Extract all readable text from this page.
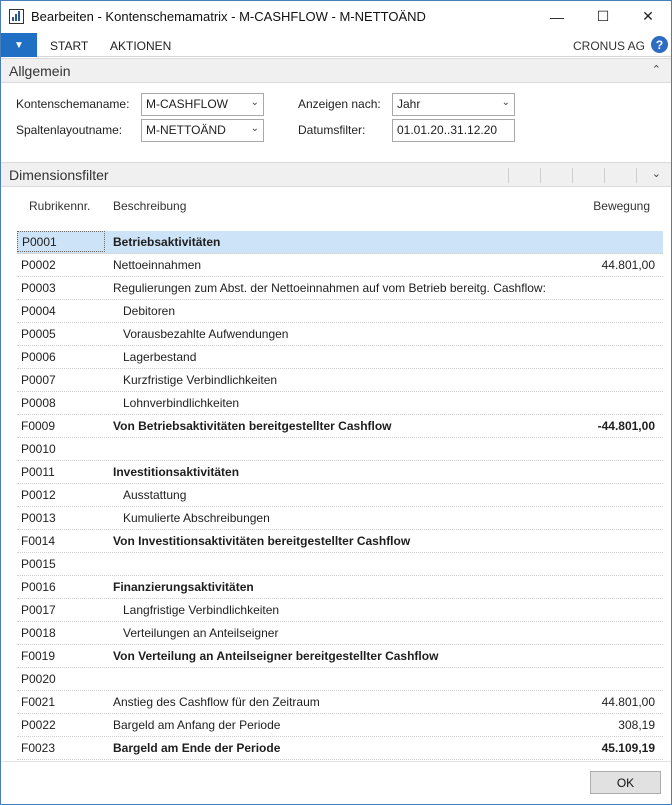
Bearbeiten - Kontenschemamatrix - M-CASHFLOW - M-NETTOÄND	—	☐	✕
▼	START AKTIONEN	CRONUS AG ?
Allgemein	⌃
Kontenschemaname:	M-CASHFLOW ⌄
Spaltenlayoutname:	M-NETTOÄND ⌄
Anzeigen nach:	Jahr	⌄
Datumsfilter:	01.01.20..31.12.20
Dimensionsfilter	⌄
Rubrikennr. Beschreibung	Bewegung
P0001	Betriebsaktivitäten
P0002	Nettoeinnahmen	44.801,00
P0003	Regulierungen zum Abst. der Nettoeinnahmen auf vom Betrieb bereitg. Cashflow:
P0004	Debitoren
P0005	Vorausbezahlte Aufwendungen
P0006	Lagerbestand
P0007	Kurzfristige Verbindlichkeiten
P0008	Lohnverbindlichkeiten
F0009	Von Betriebsaktivitäten bereitgestellter Cashflow	-44.801,00
P0010
P0011	Investitionsaktivitäten
P0012	Ausstattung
P0013	Kumulierte Abschreibungen
F0014	Von Investitionsaktivitäten bereitgestellter Cashflow
P0015
P0016	Finanzierungsaktivitäten
P0017	Langfristige Verbindlichkeiten
P0018	Verteilungen an Anteilseigner
F0019	Von Verteilung an Anteilseigner bereitgestellter Cashflow
P0020
F0021	Anstieg des Cashflow für den Zeitraum	44.801,00
P0022	Bargeld am Anfang der Periode	308,19
F0023	Bargeld am Ende der Periode	45.109,19
OK
